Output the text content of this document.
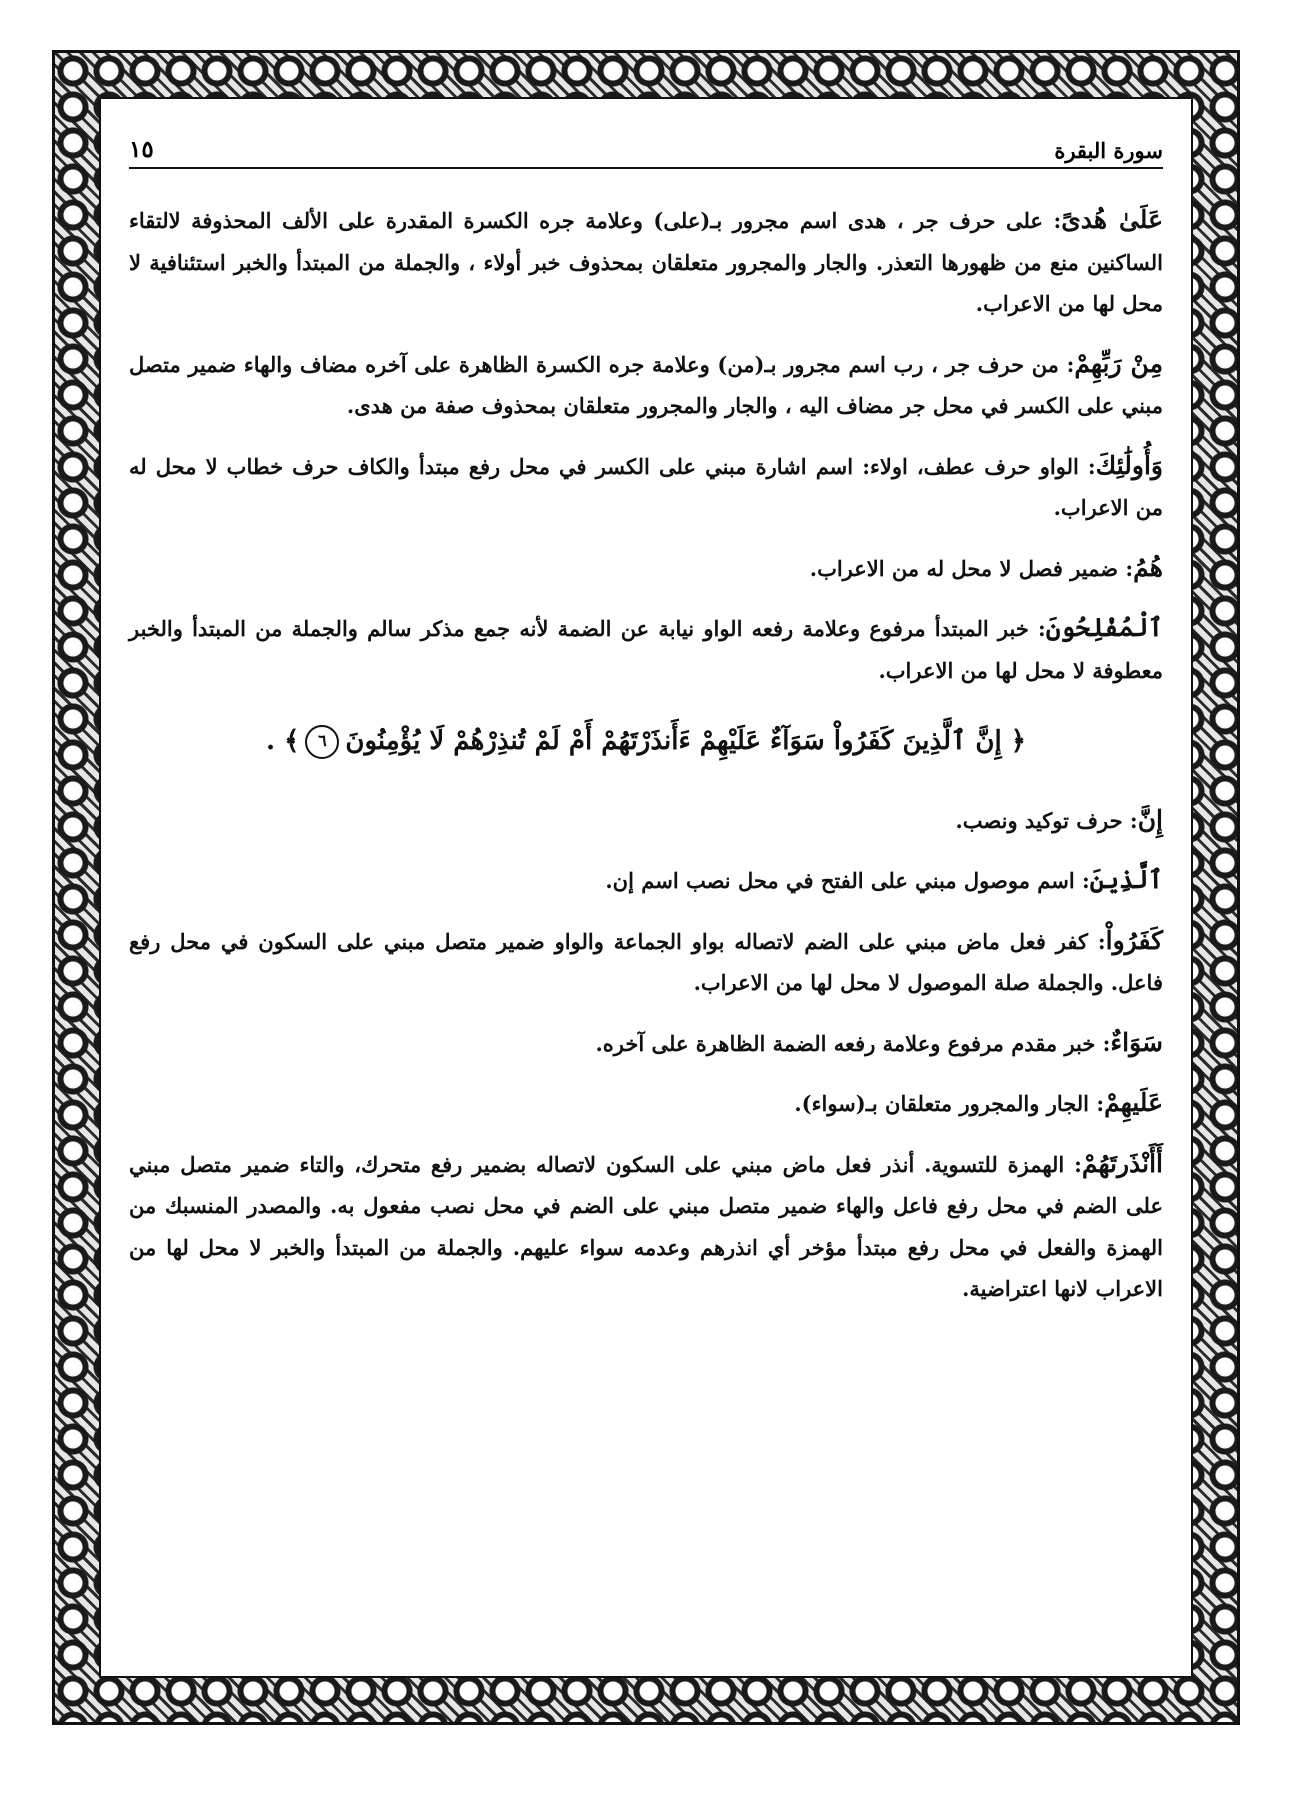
سورة البقرة
١٥

عَلَىٰ هُدىً: على حرف جر ، هدى اسم مجرور بـ(على) وعلامة جره الكسرة المقدرة على الألف المحذوفة لالتقاء الساكنين منع من ظهورها التعذر. والجار والمجرور متعلقان بمحذوف خبر أولاء ، والجملة من المبتدأ والخبر استئنافية لا محل لها من الاعراب.

مِنْ رَبِّهِمْ: من حرف جر ، رب اسم مجرور بـ(من) وعلامة جره الكسرة الظاهرة على آخره مضاف والهاء ضمير متصل مبني على الكسر في محل جر مضاف اليه ، والجار والمجرور متعلقان بمحذوف صفة من هدى.

وَأُولَٰئِكَ: الواو حرف عطف، اولاء: اسم اشارة مبني على الكسر في محل رفع مبتدأ والكاف حرف خطاب لا محل له من الاعراب.

هُمُ: ضمير فصل لا محل له من الاعراب.

ٱلْمُفْلِحُونَ: خبر المبتدأ مرفوع وعلامة رفعه الواو نيابة عن الضمة لأنه جمع مذكر سالم والجملة من المبتدأ والخبر معطوفة لا محل لها من الاعراب.

﴿ إِنَّ ٱلَّذِينَ كَفَرُواْ سَوَآءٌ عَلَيْهِمْ ءَأَنذَرْتَهُمْ أَمْ لَمْ تُنذِرْهُمْ لَا يُؤْمِنُونَ٦﴾ .

إِنَّ: حرف توكيد ونصب.

ٱلَّذِينَ: اسم موصول مبني على الفتح في محل نصب اسم إن.

كَفَرُواْ: كفر فعل ماض مبني على الضم لاتصاله بواو الجماعة والواو ضمير متصل مبني على السكون في محل رفع فاعل. والجملة صلة الموصول لا محل لها من الاعراب.

سَوَاءٌ: خبر مقدم مرفوع وعلامة رفعه الضمة الظاهرة على آخره.

عَلَيهِمْ: الجار والمجرور متعلقان بـ(سواء).

أَأَنْذَرتَهُمْ: الهمزة للتسوية. أنذر فعل ماض مبني على السكون لاتصاله بضمير رفع متحرك، والتاء ضمير متصل مبني على الضم في محل رفع فاعل والهاء ضمير متصل مبني على الضم في محل نصب مفعول به. والمصدر المنسبك من الهمزة والفعل في محل رفع مبتدأ مؤخر أي انذرهم وعدمه سواء عليهم. والجملة من المبتدأ والخبر لا محل لها من الاعراب لانها اعتراضية.
